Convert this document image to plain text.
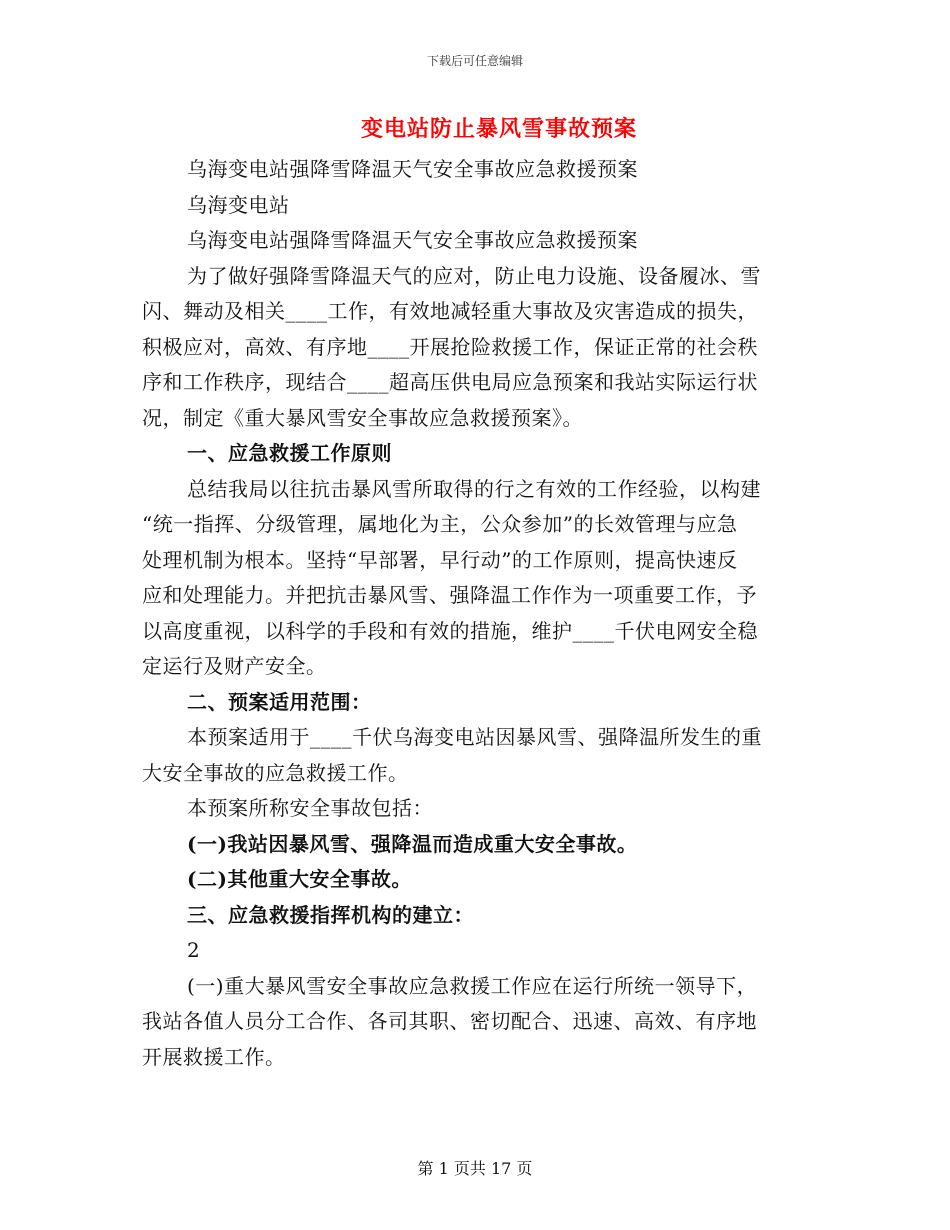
下载后可任意编辑
变电站防止暴风雪事故预案
乌海变电站强降雪降温天气安全事故应急救援预案
乌海变电站
乌海变电站强降雪降温天气安全事故应急救援预案
为了做好强降雪降温天气的应对，防止电力设施、设备履冰、雪
闪、舞动及相关____工作，有效地减轻重大事故及灾害造成的损失，
积极应对，高效、有序地____开展抢险救援工作，保证正常的社会秩
序和工作秩序，现结合____超高压供电局应急预案和我站实际运行状
况，制定《重大暴风雪安全事故应急救援预案》。
一、应急救援工作原则
总结我局以往抗击暴风雪所取得的行之有效的工作经验，以构建
“统一指挥、分级管理，属地化为主，公众参加”的长效管理与应急
处理机制为根本。坚持“早部署，早行动”的工作原则，提高快速反
应和处理能力。并把抗击暴风雪、强降温工作作为一项重要工作，予
以高度重视，以科学的手段和有效的措施，维护____千伏电网安全稳
定运行及财产安全。
二、预案适用范围：
本预案适用于____千伏乌海变电站因暴风雪、强降温所发生的重
大安全事故的应急救援工作。
本预案所称安全事故包括：
(一)我站因暴风雪、强降温而造成重大安全事故。
(二)其他重大安全事故。
三、应急救援指挥机构的建立：
2
(一)重大暴风雪安全事故应急救援工作应在运行所统一领导下，
我站各值人员分工合作、各司其职、密切配合、迅速、高效、有序地
开展救援工作。
第 1 页共 17 页
